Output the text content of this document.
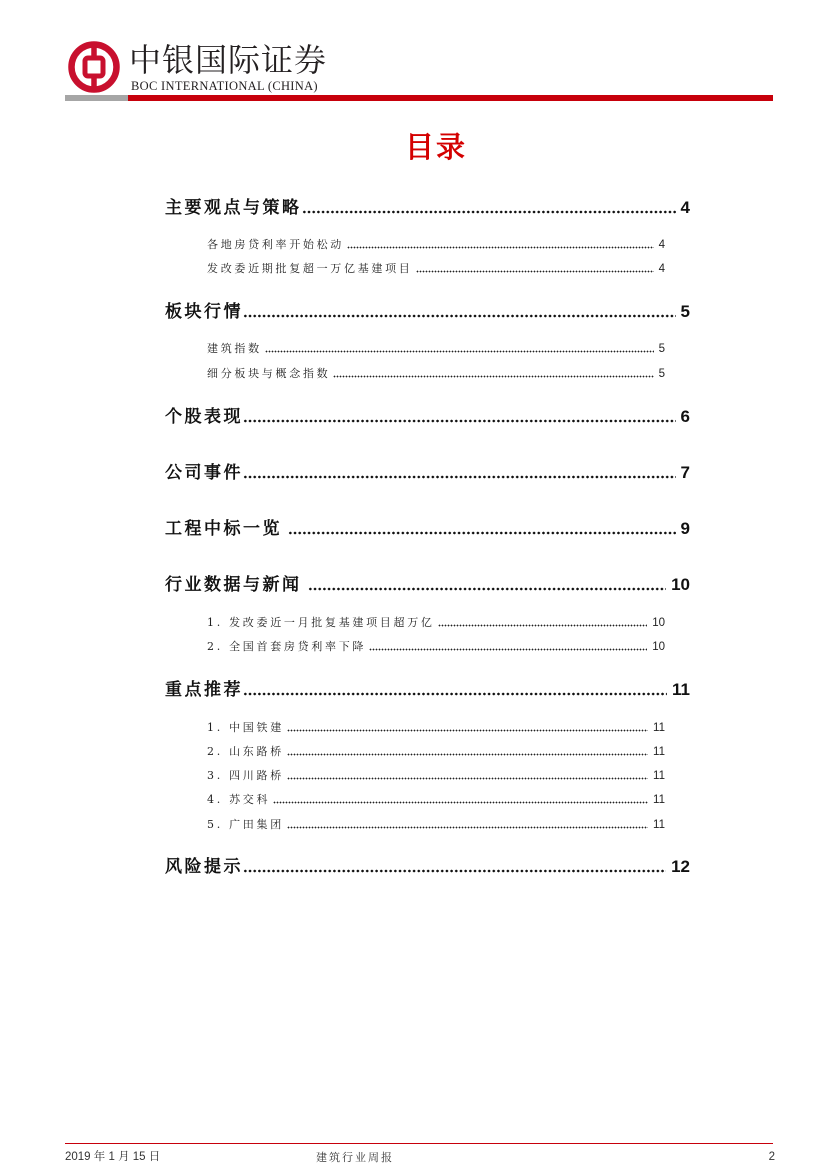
中银国际证券
BOC INTERNATIONAL (CHINA)
目录
主要观点与策略	4
各地房贷利率开始松动	4
发改委近期批复超一万亿基建项目	4
板块行情	5
建筑指数	5
细分板块与概念指数	5
个股表现	6
公司事件	7
工程中标一览	9
行业数据与新闻	10
1. 发改委近一月批复基建项目超万亿	10
2. 全国首套房贷利率下降	10
重点推荐	11
1. 中国铁建	11
2. 山东路桥	11
3. 四川路桥	11
4. 苏交科	11
5. 广田集团	11
风险提示	12
2019 年 1 月 15 日	建筑行业周报	2
